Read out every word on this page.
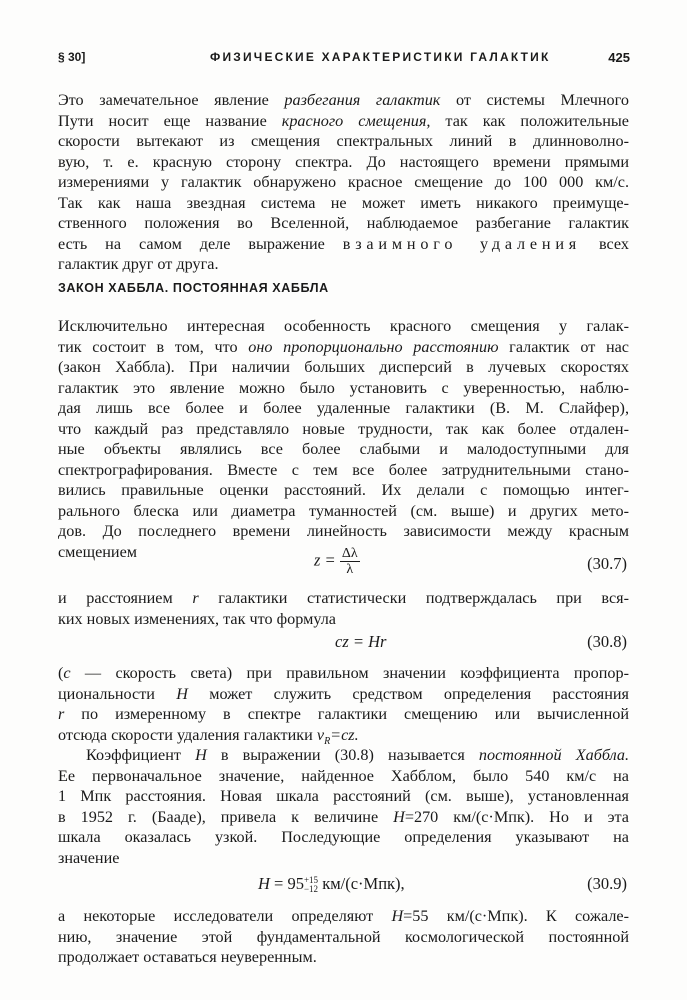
§ 30]	ФИЗИЧЕСКИЕ ХАРАКТЕРИСТИКИ ГАЛАКТИК	425
Это замечательное явление разбегания галактик от системы Млечного
Пути носит еще название красного смещения, так как положительные
скорости вытекают из смещения спектральных линий в длинноволно-
вую, т. е. красную сторону спектра. До настоящего времени прямыми
измерениями у галактик обнаружено красное смещение до 100 000 км/с.
Так как наша звездная система не может иметь никакого преимуще-
ственного положения во Вселенной, наблюдаемое разбегание галактик
есть на самом деле выражение взаимного удаления всех
галактик друг от друга.
ЗАКОН ХАББЛА. ПОСТОЯННАЯ ХАББЛА
Исключительно интересная особенность красного смещения у галак-
тик состоит в том, что оно пропорционально расстоянию галактик от нас
(закон Хаббла). При наличии больших дисперсий в лучевых скоростях
галактик это явление можно было установить с уверенностью, наблю-
дая лишь все более и более удаленные галактики (В. М. Слайфер),
что каждый раз представляло новые трудности, так как более отдален-
ные объекты являлись все более слабыми и малодоступными для
спектрографирования. Вместе с тем все более затруднительными стано-
вились правильные оценки расстояний. Их делали с помощью интег-
рального блеска или диаметра туманностей (см. выше) и других мето-
дов. До последнего времени линейность зависимости между красным
смещением	$z = \frac{\Delta\lambda}{\lambda}$	(30.7)
и расстоянием r галактики статистически подтверждалась при вся-
ких новых изменениях, так что формула
cz = Hr	(30.8)
(c — скорость света) при правильном значении коэффициента пропор-
циональности H может служить средством определения расстояния
r по измеренному в спектре галактики смещению или вычисленной
отсюда скорости удаления галактики $v_R=cz$.
Коэффициент H в выражении (30.8) называется постоянной Хаббла.
Ее первоначальное значение, найденное Хабблом, было 540 км/с на
1 Мпк расстояния. Новая шкала расстояний (см. выше), установленная
в 1952 г. (Бааде), привела к величине H=270 км/(с·Мпк). Но и эта
шкала оказалась узкой. Последующие определения указывают на
значение
H = 95 +15
−12 км/(с·Мпк),	(30.9)
а некоторые исследователи определяют H=55 км/(с·Мпк). К сожале-
нию, значение этой фундаментальной космологической постоянной
продолжает оставаться неуверенным.
